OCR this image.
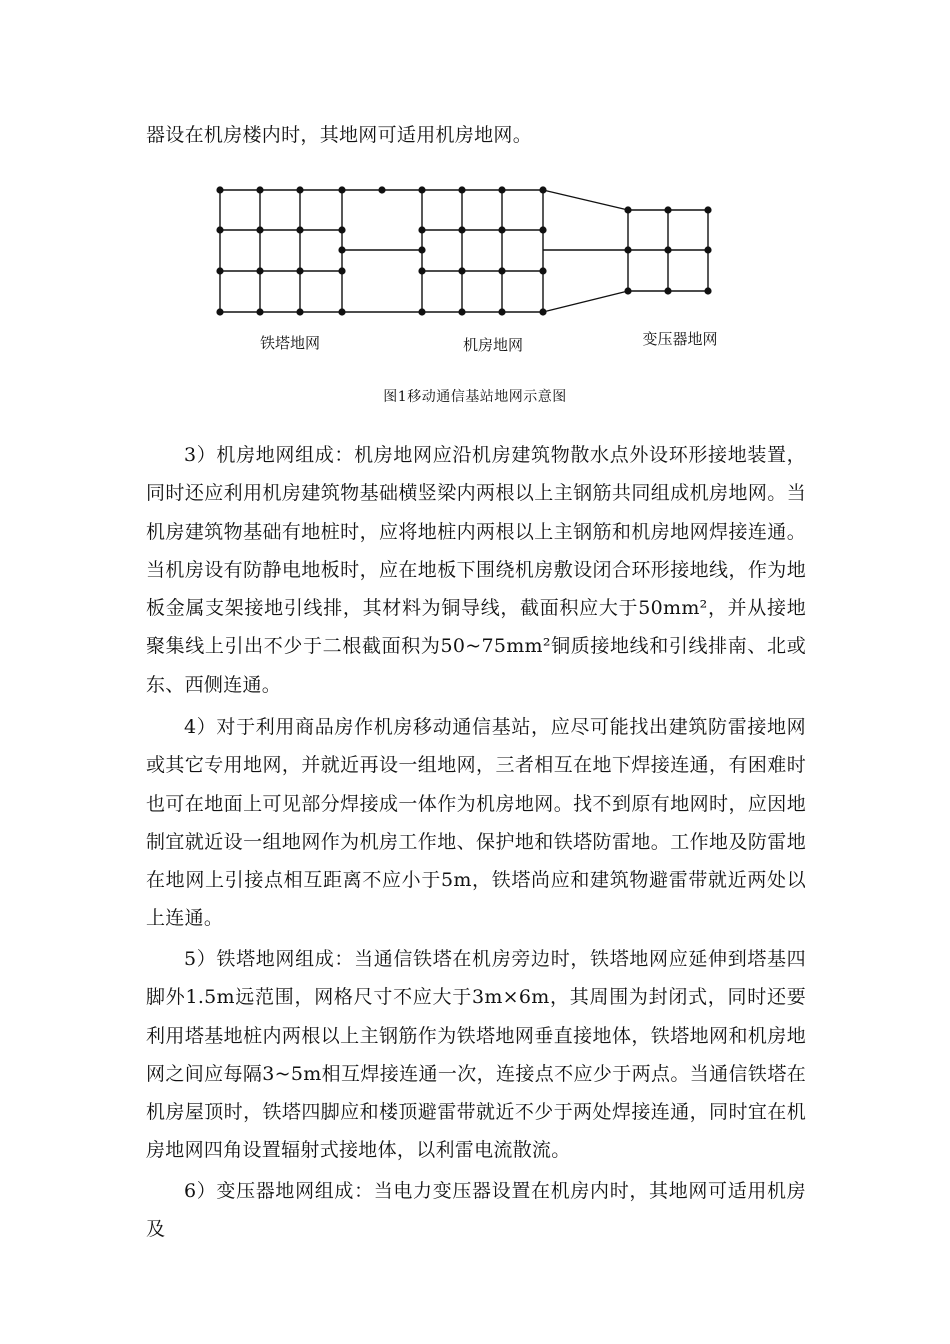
器设在机房楼内时，其地网可适用机房地网。

铁塔地网	机房地网	变压器地网
图1移动通信基站地网示意图

3）机房地网组成：机房地网应沿机房建筑物散水点外设环形接地装置，同时还应利用机房建筑物基础横竖梁内两根以上主钢筋共同组成机房地网。当机房建筑物基础有地桩时，应将地桩内两根以上主钢筋和机房地网焊接连通。当机房设有防静电地板时，应在地板下围绕机房敷设闭合环形接地线，作为地板金属支架接地引线排，其材料为铜导线，截面积应大于50mm²，并从接地聚集线上引出不少于二根截面积为50~75mm²铜质接地线和引线排南、北或东、西侧连通。

4）对于利用商品房作机房移动通信基站，应尽可能找出建筑防雷接地网或其它专用地网，并就近再设一组地网，三者相互在地下焊接连通，有困难时也可在地面上可见部分焊接成一体作为机房地网。找不到原有地网时，应因地制宜就近设一组地网作为机房工作地、保护地和铁塔防雷地。工作地及防雷地在地网上引接点相互距离不应小于5m，铁塔尚应和建筑物避雷带就近两处以上连通。

5）铁塔地网组成：当通信铁塔在机房旁边时，铁塔地网应延伸到塔基四脚外1.5m远范围，网格尺寸不应大于3m×6m，其周围为封闭式，同时还要利用塔基地桩内两根以上主钢筋作为铁塔地网垂直接地体，铁塔地网和机房地网之间应每隔3~5m相互焊接连通一次，连接点不应少于两点。当通信铁塔在机房屋顶时，铁塔四脚应和楼顶避雷带就近不少于两处焊接连通，同时宜在机房地网四角设置辐射式接地体，以利雷电流散流。

6）变压器地网组成：当电力变压器设置在机房内时，其地网可适用机房及
